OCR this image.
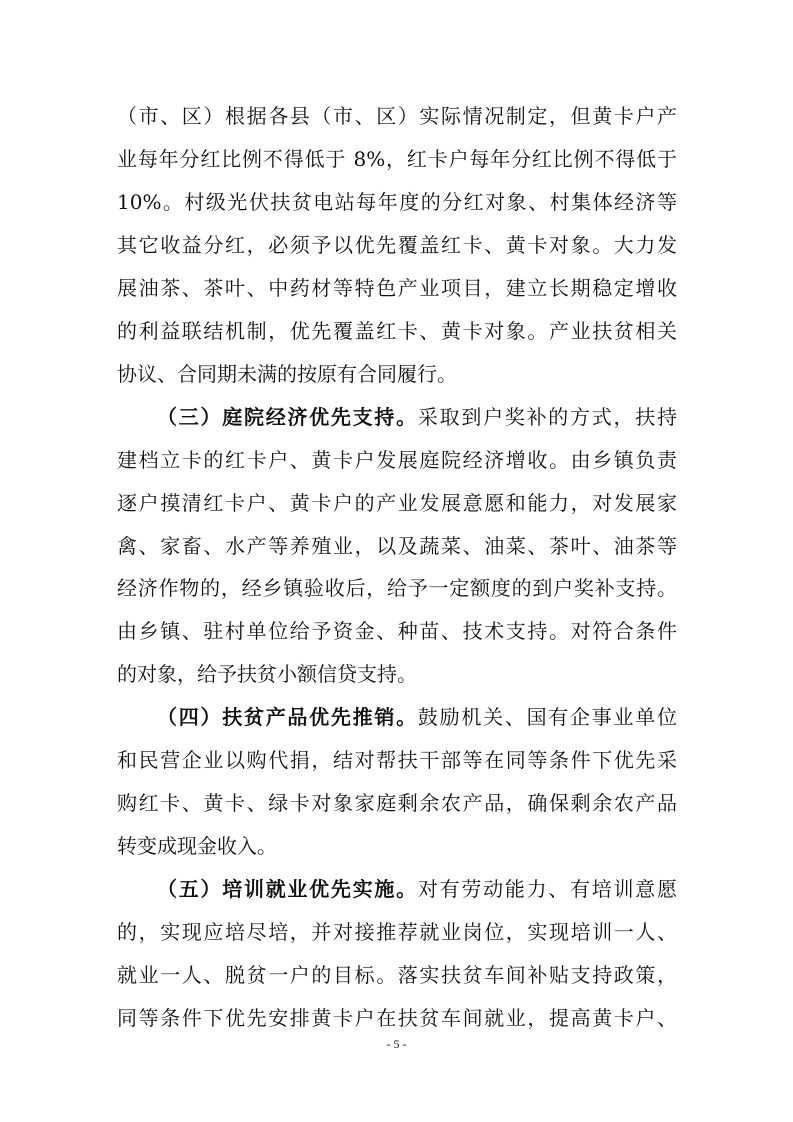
（市、区）根据各县（市、区）实际情况制定，但黄卡户产
业每年分红比例不得低于 8%，红卡户每年分红比例不得低于
10%。村级光伏扶贫电站每年度的分红对象、村集体经济等
其它收益分红，必须予以优先覆盖红卡、黄卡对象。大力发
展油茶、茶叶、中药材等特色产业项目，建立长期稳定增收
的利益联结机制，优先覆盖红卡、黄卡对象。产业扶贫相关
协议、合同期未满的按原有合同履行。
（三）庭院经济优先支持。采取到户奖补的方式，扶持
建档立卡的红卡户、黄卡户发展庭院经济增收。由乡镇负责
逐户摸清红卡户、黄卡户的产业发展意愿和能力，对发展家
禽、家畜、水产等养殖业，以及蔬菜、油菜、茶叶、油茶等
经济作物的，经乡镇验收后，给予一定额度的到户奖补支持。
由乡镇、驻村单位给予资金、种苗、技术支持。对符合条件
的对象，给予扶贫小额信贷支持。
（四）扶贫产品优先推销。鼓励机关、国有企事业单位
和民营企业以购代捐，结对帮扶干部等在同等条件下优先采
购红卡、黄卡、绿卡对象家庭剩余农产品，确保剩余农产品
转变成现金收入。
（五）培训就业优先实施。对有劳动能力、有培训意愿
的，实现应培尽培，并对接推荐就业岗位，实现培训一人、
就业一人、脱贫一户的目标。落实扶贫车间补贴支持政策，
同等条件下优先安排黄卡户在扶贫车间就业，提高黄卡户、
- 5 -
